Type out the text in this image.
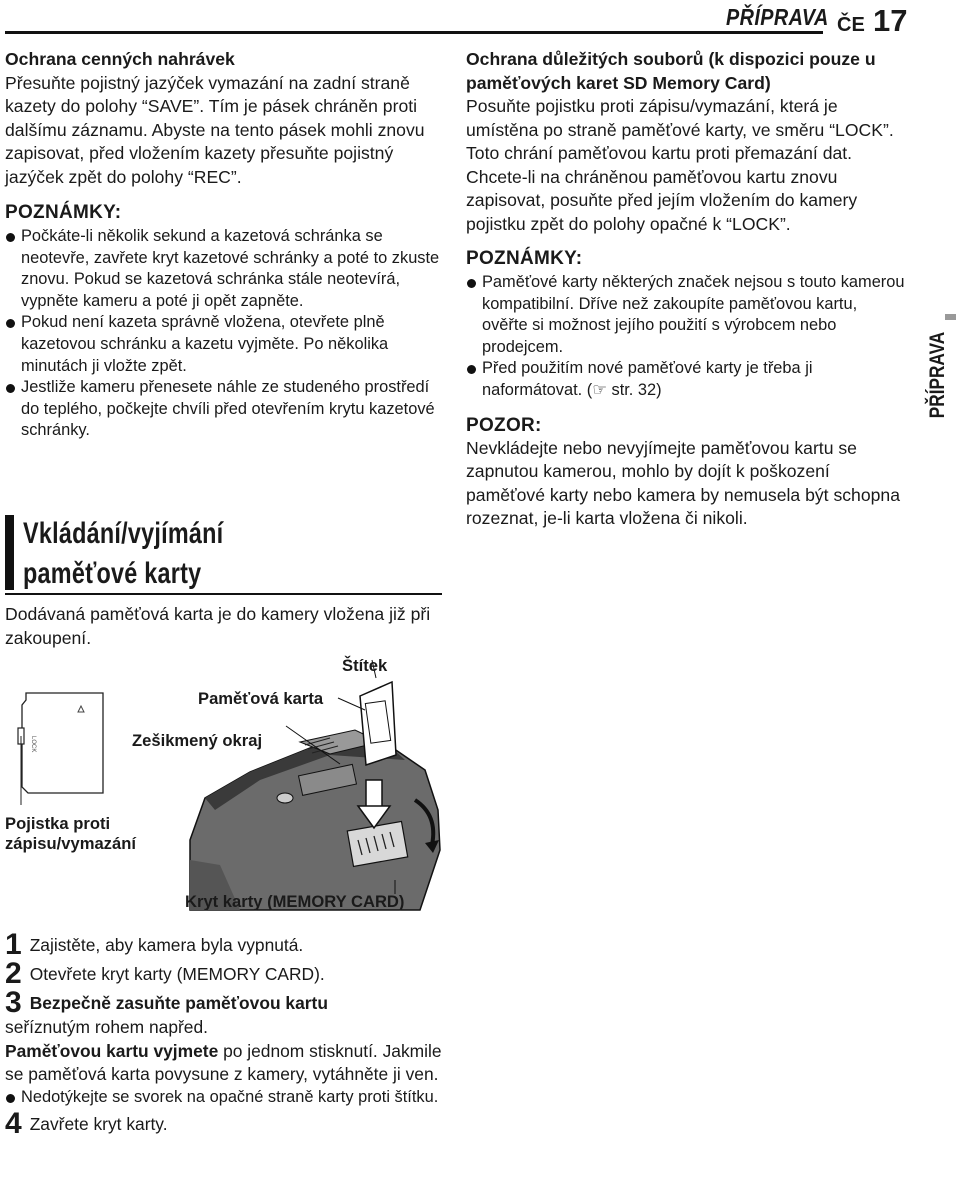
PŘÍPRAVA ČE 17
PŘÍPRAVA

Ochrana cenných nahrávek

Přesuňte pojistný jazýček vymazání na zadní straně kazety do polohy “SAVE”. Tím je pásek chráněn proti dalšímu záznamu. Abyste na tento pásek mohli znovu zapisovat, před vložením kazety přesuňte pojistný jazýček zpět do polohy “REC”.

POZNÁMKY:

Počkáte-li několik sekund a kazetová schránka se neotevře, zavřete kryt kazetové schránky a poté to zkuste znovu. Pokud se kazetová schránka stále neotevírá, vypněte kameru a poté ji opět zapněte.
Pokud není kazeta správně vložena, otevřete plně kazetovou schránku a kazetu vyjměte. Po několika minutách ji vložte zpět.
Jestliže kameru přenesete náhle ze studeného prostředí do teplého, počkejte chvíli před otevřením krytu kazetové schránky.
Vkládání/vyjímání paměťové karty
Dodávaná paměťová karta je do kamery vložena již při zakoupení.
LOCK
Štítek
Paměťová karta
Zešikmený okraj
Pojistka proti zápisu/vymazání
Kryt karty (MEMORY CARD)

1 Zajistěte, aby kamera byla vypnutá.

2 Otevřete kryt karty (MEMORY CARD).

3 Bezpečně zasuňte paměťovou kartu
seříznutým rohem napřed.

Paměťovou kartu vyjmete po jednom stisknutí. Jakmile se paměťová karta povysune z kamery, vytáhněte ji ven.

Nedotýkejte se svorek na opačné straně karty proti štítku.

4 Zavřete kryt karty.

Ochrana důležitých souborů (k dispozici pouze u paměťových karet SD Memory Card)

Posuňte pojistku proti zápisu/vymazání, která je umístěna po straně paměťové karty, ve směru “LOCK”. Toto chrání paměťovou kartu proti přemazání dat. Chcete-li na chráněnou paměťovou kartu znovu zapisovat, posuňte před jejím vložením do kamery pojistku zpět do polohy opačné k “LOCK”.

POZNÁMKY:

Paměťové karty některých značek nejsou s touto kamerou kompatibilní. Dříve než zakoupíte paměťovou kartu, ověřte si možnost jejího použití s výrobcem nebo prodejcem.
Před použitím nové paměťové karty je třeba ji naformátovat. (☞ str. 32)

POZOR:

Nevkládejte nebo nevyjímejte paměťovou kartu se zapnutou kamerou, mohlo by dojít k poškození paměťové karty nebo kamera by nemusela být schopna rozeznat, je-li karta vložena či nikoli.
